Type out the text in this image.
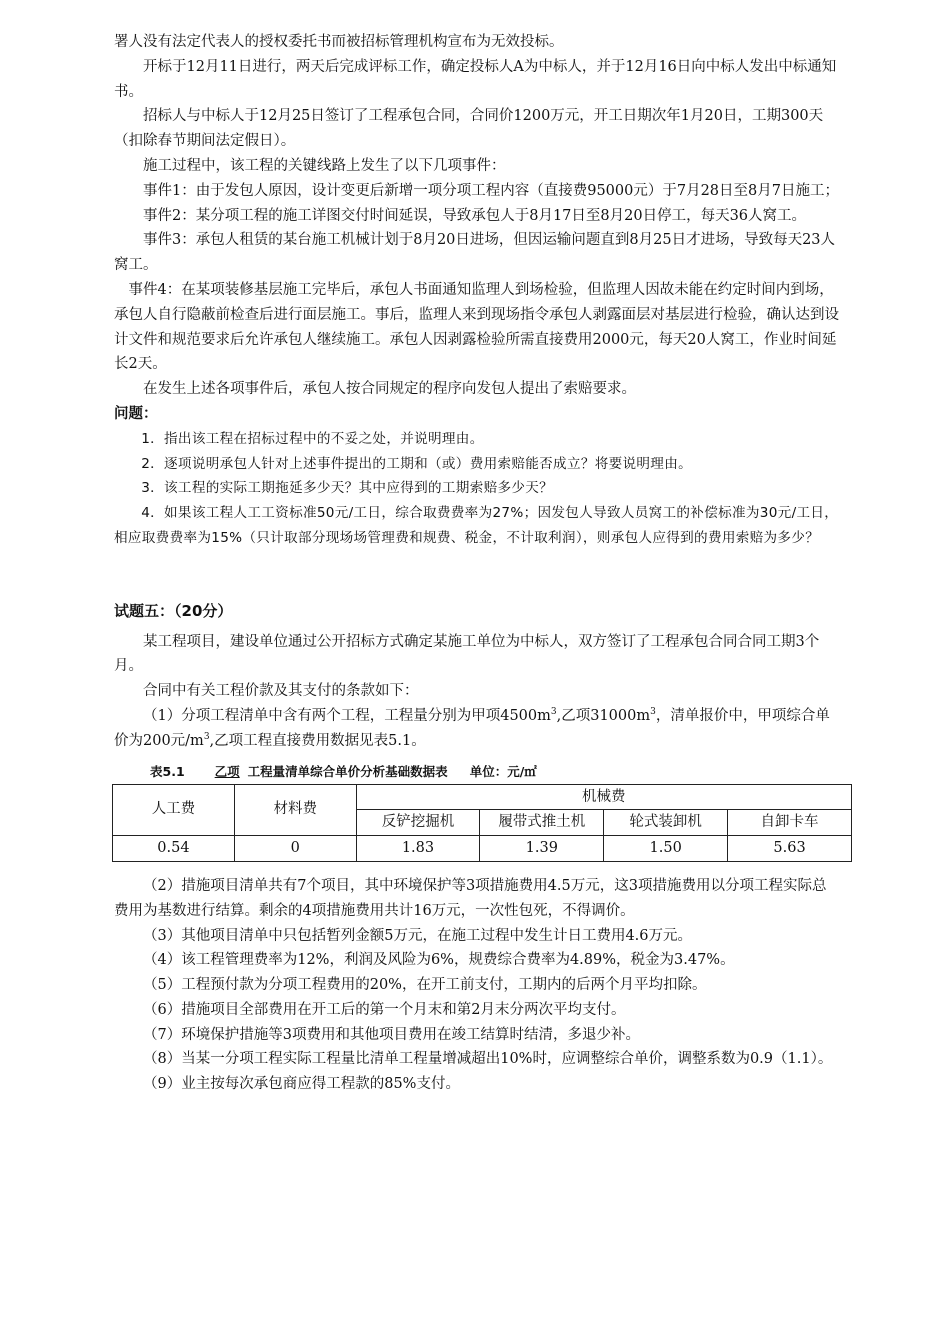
署人没有法定代表人的授权委托书而被招标管理机构宣布为无效投标。

开标于12月11日进行，两天后完成评标工作，确定投标人A为中标人，并于12月16日向中标人发出中标通知书。

招标人与中标人于12月25日签订了工程承包合同，合同价1200万元，开工日期次年1月20日，工期300天（扣除春节期间法定假日）。

施工过程中，该工程的关键线路上发生了以下几项事件：

事件1：由于发包人原因，设计变更后新增一项分项工程内容（直接费95000元）于7月28日至8月7日施工；

事件2：某分项工程的施工详图交付时间延误，导致承包人于8月17日至8月20日停工，每天36人窝工。

事件3：承包人租赁的某台施工机械计划于8月20日进场，但因运输问题直到8月25日才进场，导致每天23人窝工。

事件4：在某项装修基层施工完毕后，承包人书面通知监理人到场检验，但监理人因故未能在约定时间内到场，承包人自行隐蔽前检查后进行面层施工。事后，监理人来到现场指令承包人剥露面层对基层进行检验，确认达到设计文件和规范要求后允许承包人继续施工。承包人因剥露检验所需直接费用2000元，每天20人窝工，作业时间延长2天。

在发生上述各项事件后，承包人按合同规定的程序向发包人提出了索赔要求。

问题：

1．指出该工程在招标过程中的不妥之处，并说明理由。

2．逐项说明承包人针对上述事件提出的工期和（或）费用索赔能否成立？将要说明理由。

3．该工程的实际工期拖延多少天？其中应得到的工期索赔多少天？

4．如果该工程人工工资标准50元/工日，综合取费费率为27%；因发包人导致人员窝工的补偿标准为30元/工日，相应取费费率为15%（只计取部分现场场管理费和规费、税金，不计取利润），则承包人应得到的费用索赔为多少？

试题五：（20分）

某工程项目，建设单位通过公开招标方式确定某施工单位为中标人，双方签订了工程承包合同合同工期3个月。

合同中有关工程价款及其支付的条款如下：

（1）分项工程清单中含有两个工程，工程量分别为甲项$4500m^3$,乙项$31000m^3$，清单报价中，甲项综合单价为200元$/m^3$,乙项工程直接费用数据见表5.1。

表5.1 乙项 工程量清单综合单价分析基础数据表 单位：元/㎡
人工费	材料费	机械费			
		反铲挖掘机	履带式推土机	轮式装卸机	自卸卡车
0.54	0	1.83	1.39	1.50	5.63

（2）措施项目清单共有7个项目，其中环境保护等3项措施费用4.5万元，这3项措施费用以分项工程实际总费用为基数进行结算。剩余的4项措施费用共计16万元，一次性包死，不得调价。

（3）其他项目清单中只包括暂列金额5万元，在施工过程中发生计日工费用4.6万元。

（4）该工程管理费率为12%，利润及风险为6%，规费综合费率为4.89%，税金为3.47%。

（5）工程预付款为分项工程费用的20%，在开工前支付，工期内的后两个月平均扣除。

（6）措施项目全部费用在开工后的第一个月末和第2月末分两次平均支付。

（7）环境保护措施等3项费用和其他项目费用在竣工结算时结清，多退少补。

（8）当某一分项工程实际工程量比清单工程量增减超出10%时，应调整综合单价，调整系数为0.9（1.1）。

（9）业主按每次承包商应得工程款的85%支付。
